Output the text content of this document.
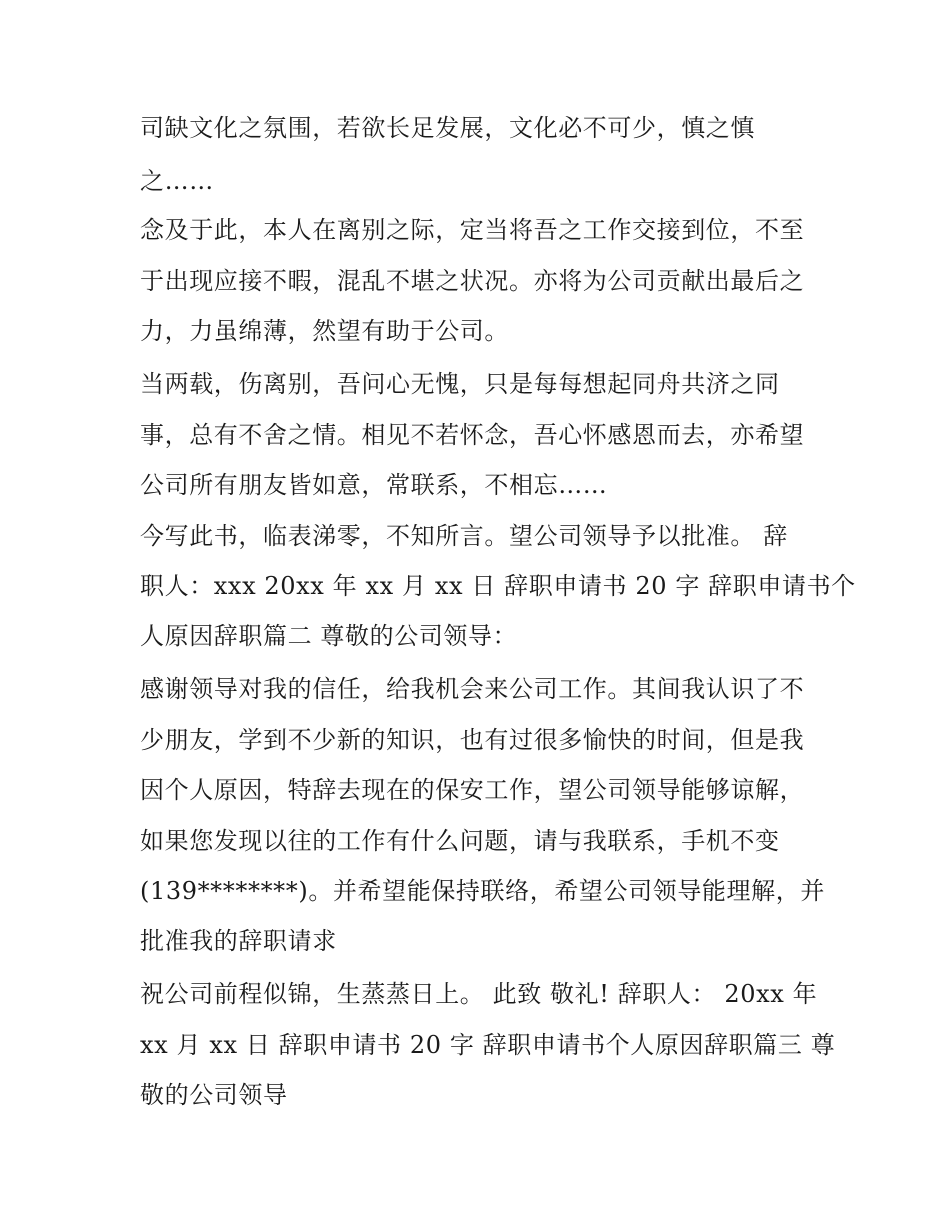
司缺文化之氛围，若欲长足发展，文化必不可少，慎之慎
之……
念及于此，本人在离别之际，定当将吾之工作交接到位，不至
于出现应接不暇，混乱不堪之状况。亦将为公司贡献出最后之
力，力虽绵薄，然望有助于公司。
当两载，伤离别，吾问心无愧，只是每每想起同舟共济之同
事，总有不舍之情。相见不若怀念，吾心怀感恩而去，亦希望
公司所有朋友皆如意，常联系，不相忘……
今写此书，临表涕零，不知所言。望公司领导予以批准。 辞
职人：xxx 20xx 年 xx 月 xx 日 辞职申请书 20 字 辞职申请书个
人原因辞职篇二 尊敬的公司领导：
感谢领导对我的信任，给我机会来公司工作。其间我认识了不
少朋友，学到不少新的知识，也有过很多愉快的时间，但是我
因个人原因，特辞去现在的保安工作，望公司领导能够谅解，
如果您发现以往的工作有什么问题，请与我联系，手机不变
(139********)。并希望能保持联络，希望公司领导能理解，并
批准我的辞职请求
祝公司前程似锦，生蒸蒸日上。 此致 敬礼! 辞职人： 20xx 年
xx 月 xx 日 辞职申请书 20 字 辞职申请书个人原因辞职篇三 尊
敬的公司领导
